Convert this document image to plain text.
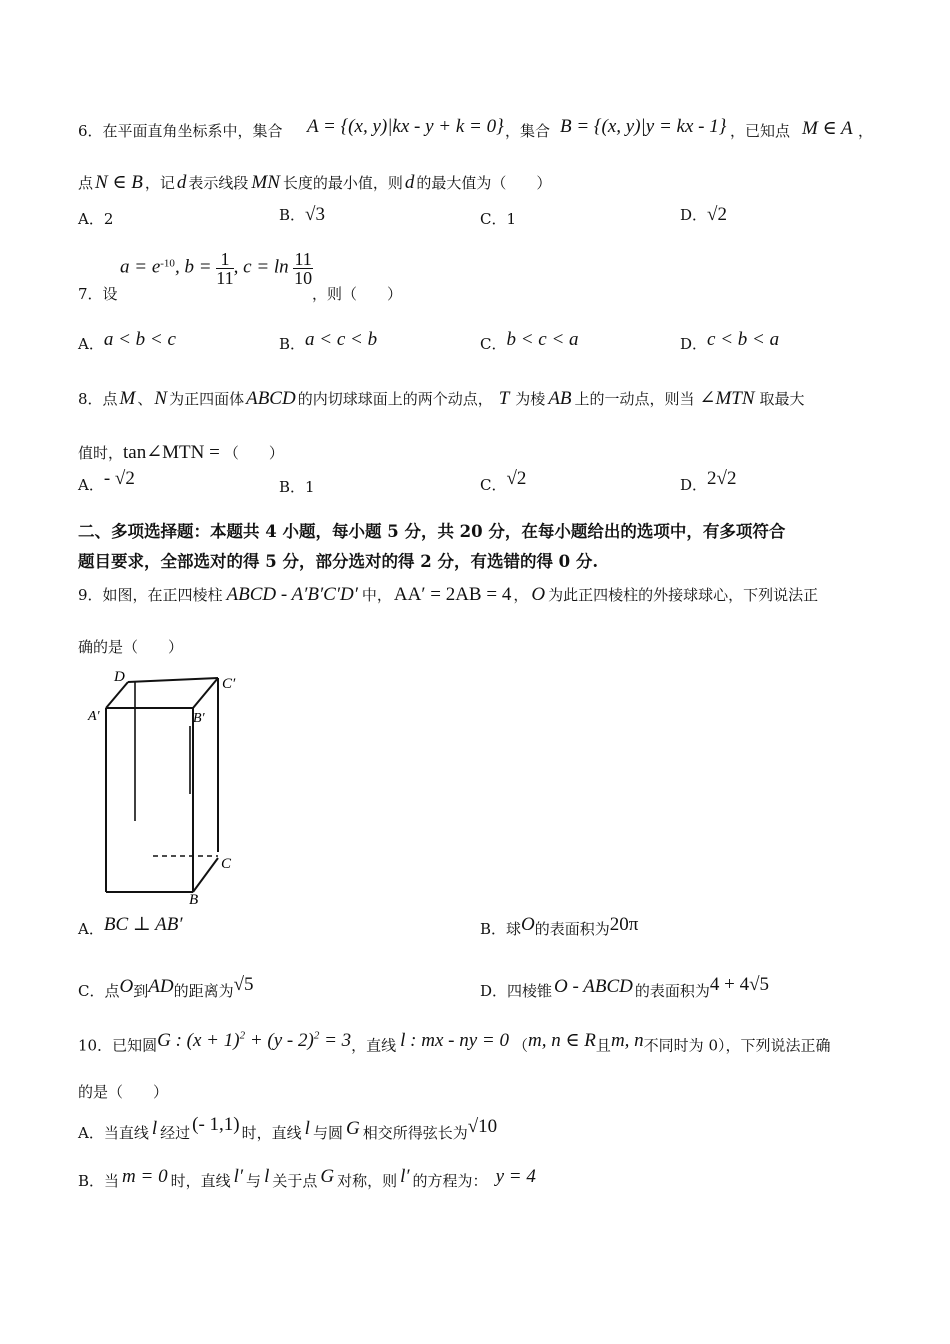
6．在平面直角坐标系中，集合 A = {(x, y)|kx - y + k = 0} ，集合 B = {(x, y)|y = kx - 1} ，已知点 M ∈ A ，
点 N ∈ B ，记 d 表示线段 MN 长度的最小值，则 d 的最大值为（　　）
A．2	B．√3	C．1	D．√2
7．设
$a = e^{-10}$, $b = \frac{1}{11}$ , $c = \ln \frac{11}{10}$
，则（　　）
A．a < b < c	B．a < c < b	C．b < c < a	D．c < b < a
8．点 M 、 N 为正四面体 ABCD 的内切球球面上的两个动点， T 为棱 AB 上的一动点，则当 ∠MTN 取最大
值时，tan∠MTN = （　　）
A．- √2	B．1	C．√2	D．2√2
二、多项选择题：本题共 4 小题，每小题 5 分，共 20 分，在每小题给出的选项中，有多项符合
题目要求，全部选对的得 5 分，部分选对的得 2 分，有选错的得 0 分.
9．如图，在正四棱柱 ABCD - A′B′C′D′ 中， AA′ = 2AB = 4 ， O 为此正四棱柱的外接球球心，下列说法正
确的是（　　）
D	C′
A′	B′
C
B
A．BC ⊥ AB′	B．球O的表面积为20π
C．点O到AD的距离为√5	D．四棱锥 O - ABCD 的表面积为4 + 4√5
10．已知圆G : $(x + 1)^2 + (y - 2)^2 = 3$，直线 l : mx - ny = 0 （m, n ∈ R且m, n不同时为 0），下列说法正确
的是（　　）
A．当直线 l 经过 (- 1,1) 时，直线 l 与圆 G 相交所得弦长为√10
B．当 m = 0 时，直线 l′ 与 l 关于点 G 对称，则 l′ 的方程为： y = 4
